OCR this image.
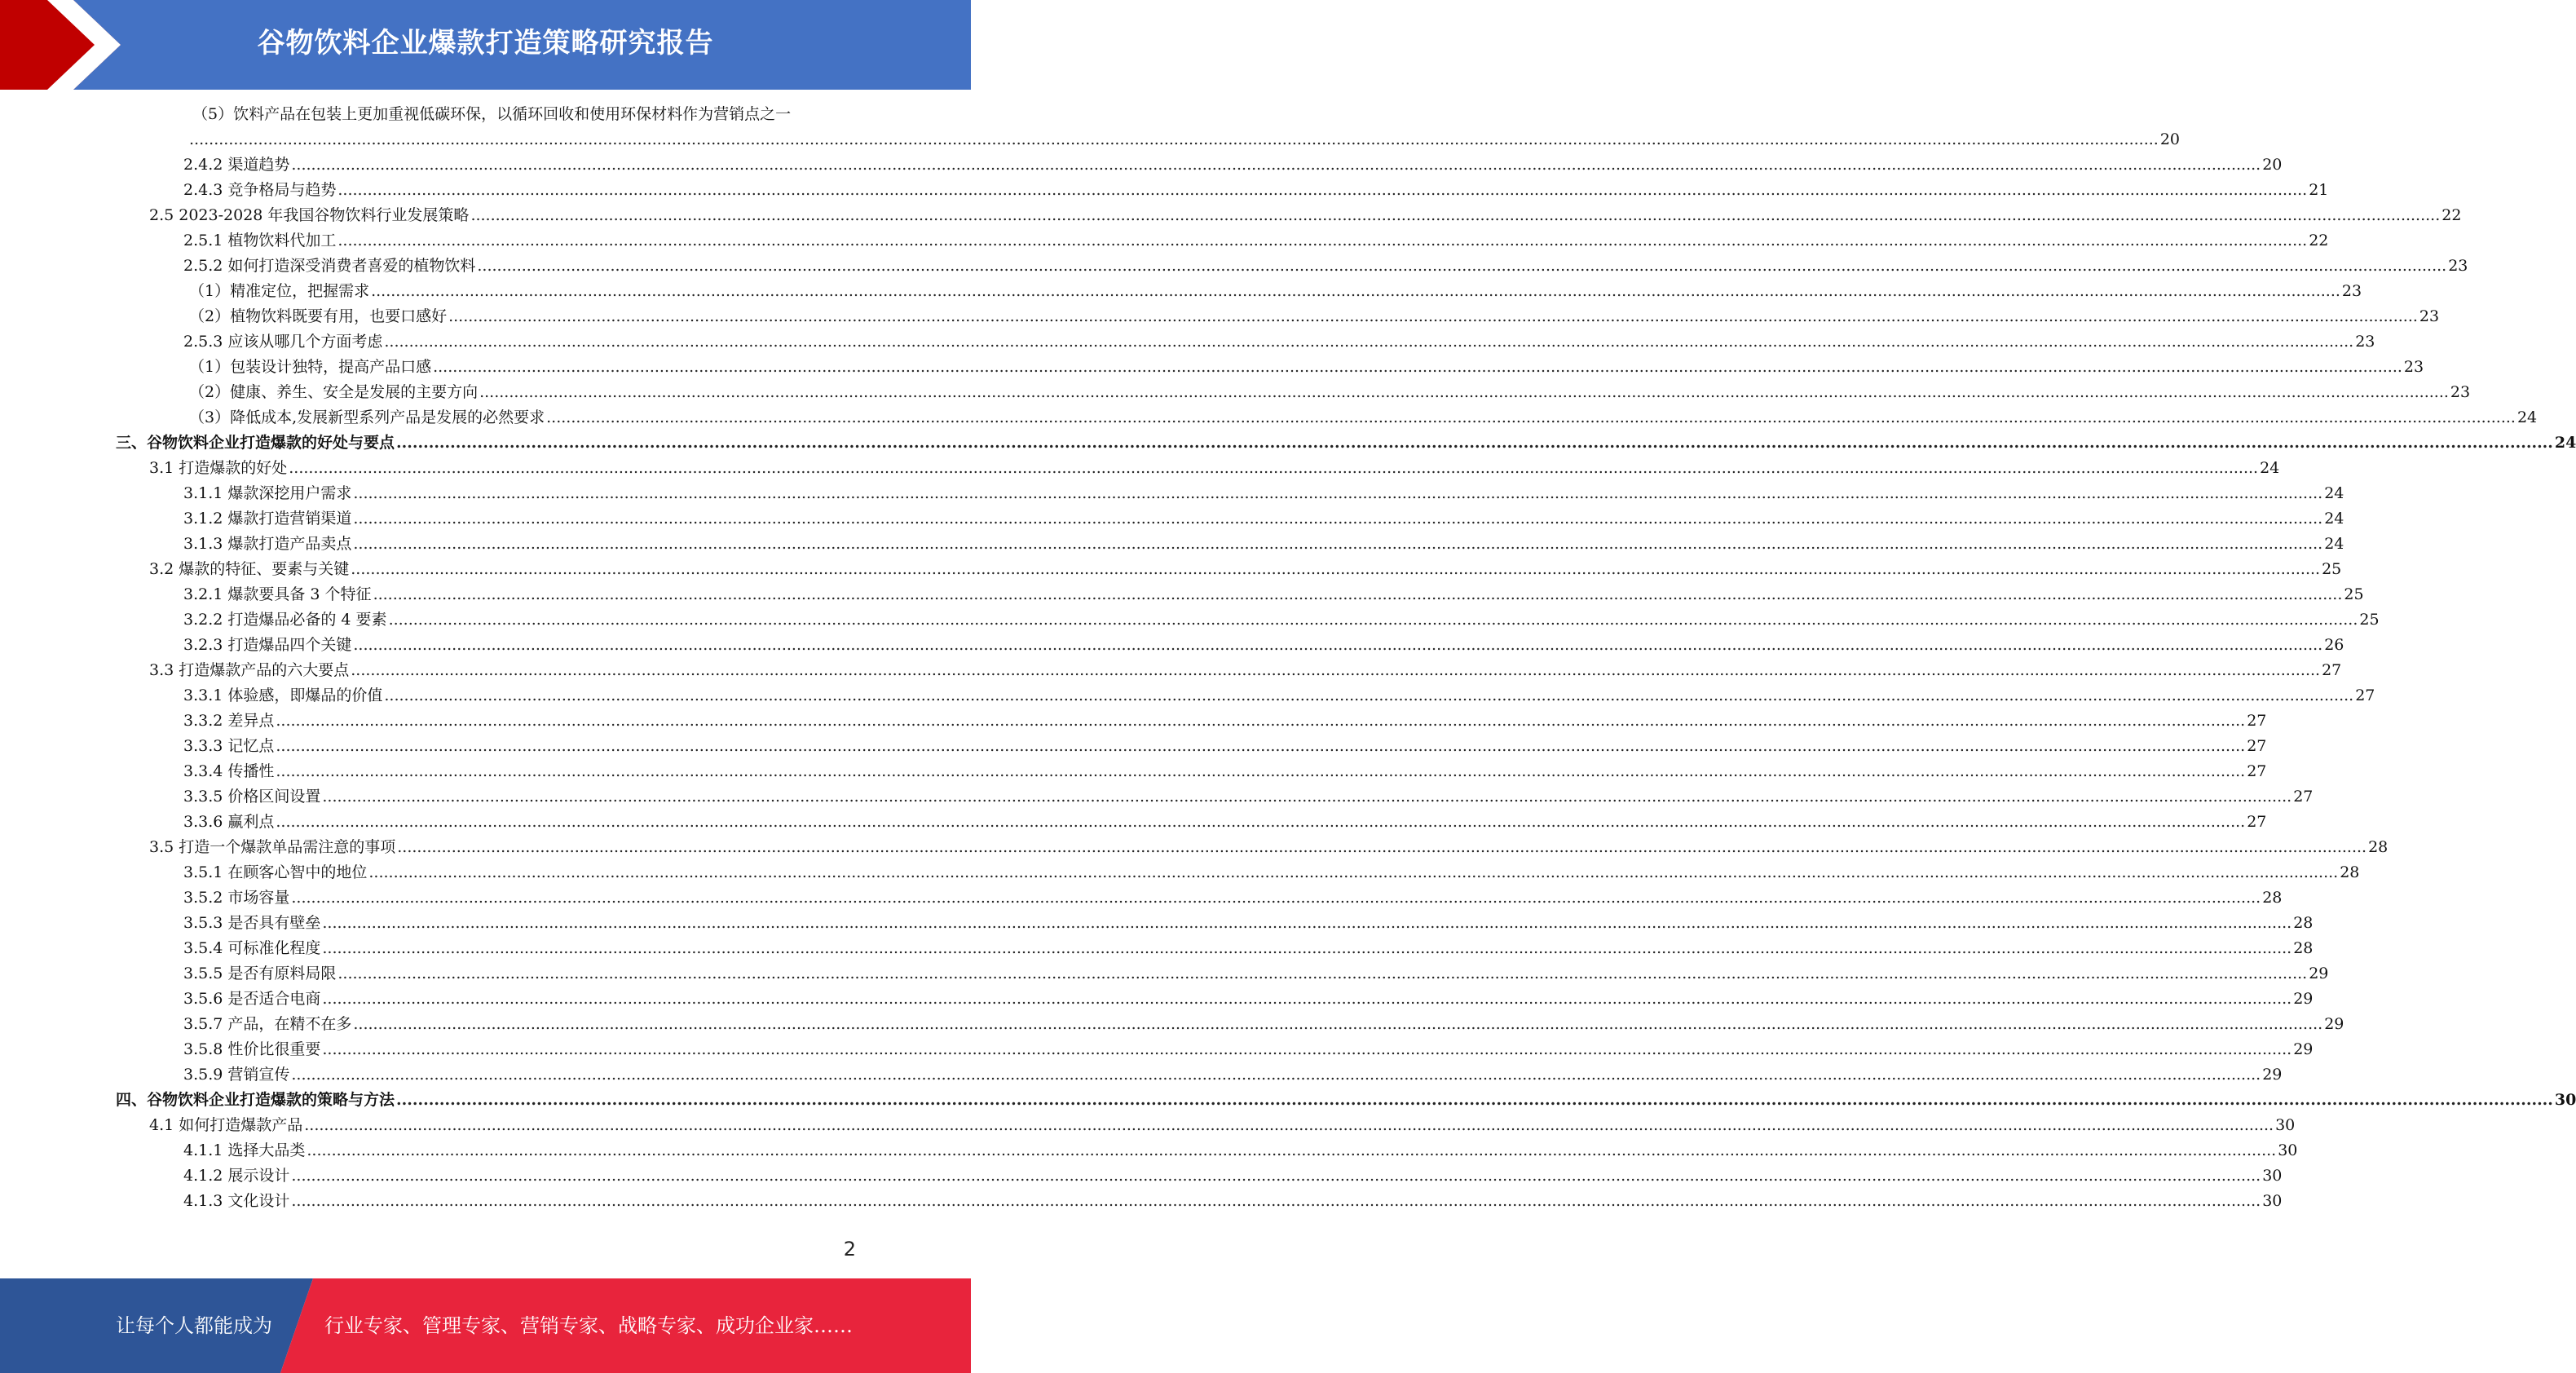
谷物饮料企业爆款打造策略研究报告
（5）饮料产品在包装上更加重视低碳环保，以循环回收和使用环保材料作为营销点之一
................................................................................................................................................................................................................................................................................................................................................................................................................ 20
2.4.2 渠道趋势 ................................................................................................................................................................................................................................................................................................................................................................................................................ 20
2.4.3 竞争格局与趋势 ................................................................................................................................................................................................................................................................................................................................................................................................................ 21
2.5 2023-2028 年我国谷物饮料行业发展策略 ................................................................................................................................................................................................................................................................................................................................................................................................................ 22
2.5.1 植物饮料代加工 ................................................................................................................................................................................................................................................................................................................................................................................................................ 22
2.5.2 如何打造深受消费者喜爱的植物饮料 ................................................................................................................................................................................................................................................................................................................................................................................................................ 23
（1）精准定位，把握需求 ................................................................................................................................................................................................................................................................................................................................................................................................................ 23
（2）植物饮料既要有用，也要口感好 ................................................................................................................................................................................................................................................................................................................................................................................................................ 23
2.5.3 应该从哪几个方面考虑 ................................................................................................................................................................................................................................................................................................................................................................................................................ 23
（1）包装设计独特，提高产品口感 ................................................................................................................................................................................................................................................................................................................................................................................................................ 23
（2）健康、养生、安全是发展的主要方向 ................................................................................................................................................................................................................................................................................................................................................................................................................ 23
（3）降低成本,发展新型系列产品是发展的必然要求 ................................................................................................................................................................................................................................................................................................................................................................................................................ 24
三、谷物饮料企业打造爆款的好处与要点 ................................................................................................................................................................................................................................................................................................................................................................................................................ 24
3.1 打造爆款的好处 ................................................................................................................................................................................................................................................................................................................................................................................................................ 24
3.1.1 爆款深挖用户需求 ................................................................................................................................................................................................................................................................................................................................................................................................................ 24
3.1.2 爆款打造营销渠道 ................................................................................................................................................................................................................................................................................................................................................................................................................ 24
3.1.3 爆款打造产品卖点 ................................................................................................................................................................................................................................................................................................................................................................................................................ 24
3.2 爆款的特征、要素与关键 ................................................................................................................................................................................................................................................................................................................................................................................................................ 25
3.2.1 爆款要具备 3 个特征 ................................................................................................................................................................................................................................................................................................................................................................................................................ 25
3.2.2 打造爆品必备的 4 要素 ................................................................................................................................................................................................................................................................................................................................................................................................................ 25
3.2.3 打造爆品四个关键 ................................................................................................................................................................................................................................................................................................................................................................................................................ 26
3.3 打造爆款产品的六大要点 ................................................................................................................................................................................................................................................................................................................................................................................................................ 27
3.3.1 体验感，即爆品的价值 ................................................................................................................................................................................................................................................................................................................................................................................................................ 27
3.3.2 差异点 ................................................................................................................................................................................................................................................................................................................................................................................................................ 27
3.3.3 记忆点 ................................................................................................................................................................................................................................................................................................................................................................................................................ 27
3.3.4 传播性 ................................................................................................................................................................................................................................................................................................................................................................................................................ 27
3.3.5 价格区间设置 ................................................................................................................................................................................................................................................................................................................................................................................................................ 27
3.3.6 赢利点 ................................................................................................................................................................................................................................................................................................................................................................................................................ 27
3.5 打造一个爆款单品需注意的事项 ................................................................................................................................................................................................................................................................................................................................................................................................................ 28
3.5.1 在顾客心智中的地位 ................................................................................................................................................................................................................................................................................................................................................................................................................ 28
3.5.2 市场容量 ................................................................................................................................................................................................................................................................................................................................................................................................................ 28
3.5.3 是否具有壁垒 ................................................................................................................................................................................................................................................................................................................................................................................................................ 28
3.5.4 可标准化程度 ................................................................................................................................................................................................................................................................................................................................................................................................................ 28
3.5.5 是否有原料局限 ................................................................................................................................................................................................................................................................................................................................................................................................................ 29
3.5.6 是否适合电商 ................................................................................................................................................................................................................................................................................................................................................................................................................ 29
3.5.7 产品，在精不在多 ................................................................................................................................................................................................................................................................................................................................................................................................................ 29
3.5.8 性价比很重要 ................................................................................................................................................................................................................................................................................................................................................................................................................ 29
3.5.9 营销宣传 ................................................................................................................................................................................................................................................................................................................................................................................................................ 29
四、谷物饮料企业打造爆款的策略与方法 ................................................................................................................................................................................................................................................................................................................................................................................................................ 30
4.1 如何打造爆款产品 ................................................................................................................................................................................................................................................................................................................................................................................................................ 30
4.1.1 选择大品类 ................................................................................................................................................................................................................................................................................................................................................................................................................ 30
4.1.2 展示设计 ................................................................................................................................................................................................................................................................................................................................................................................................................ 30
4.1.3 文化设计 ................................................................................................................................................................................................................................................................................................................................................................................................................ 30
2
让每个人都能成为	行业专家、管理专家、营销专家、战略专家、成功企业家……
